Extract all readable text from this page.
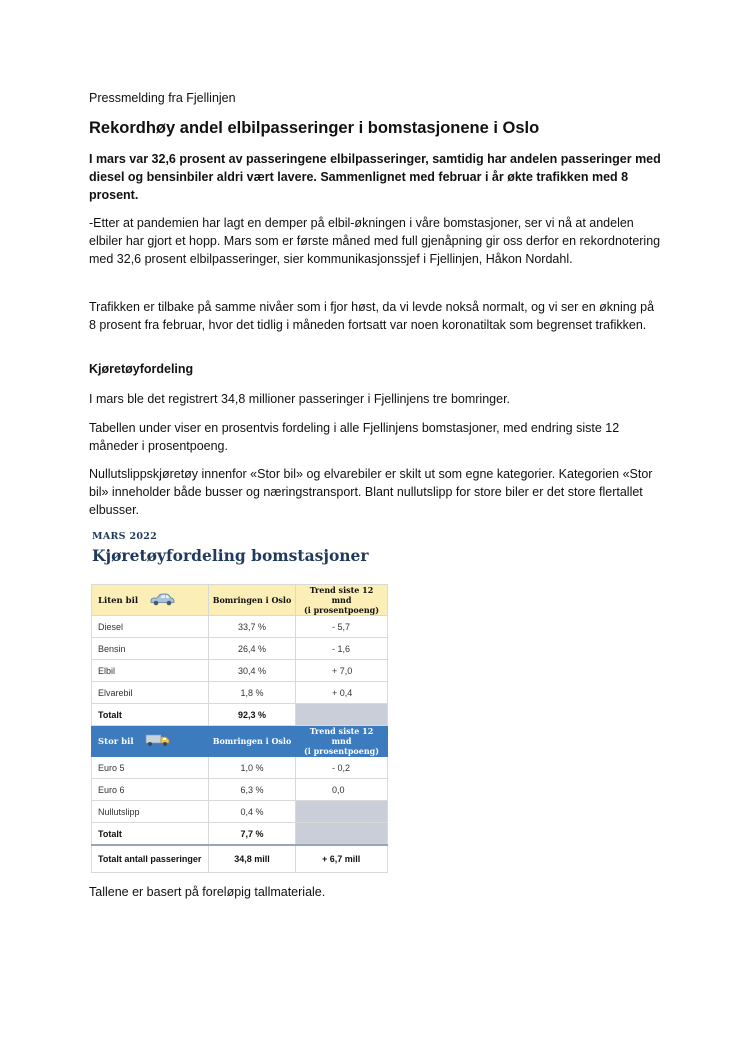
Pressmelding fra Fjellinjen
Rekordhøy andel elbilpasseringer i bomstasjonene i Oslo

I mars var 32,6 prosent av passeringene elbilpasseringer, samtidig har andelen passeringer med diesel og bensinbiler aldri vært lavere. Sammenlignet med februar i år økte trafikken med 8 prosent.

-Etter at pandemien har lagt en demper på elbil-økningen i våre bomstasjoner, ser vi nå at andelen elbiler har gjort et hopp. Mars som er første måned med full gjenåpning gir oss derfor en rekordnotering med 32,6 prosent elbilpasseringer, sier kommunikasjonssjef i Fjellinjen, Håkon Nordahl.

Trafikken er tilbake på samme nivåer som i fjor høst, da vi levde nokså normalt, og vi ser en økning på 8 prosent fra februar, hvor det tidlig i måneden fortsatt var noen koronatiltak som begrenset trafikken.

Kjøretøyfordeling

I mars ble det registrert 34,8 millioner passeringer i Fjellinjens tre bomringer.

Tabellen under viser en prosentvis fordeling i alle Fjellinjens bomstasjoner, med endring siste 12 måneder i prosentpoeng.

Nullutslippskjøretøy innenfor «Stor bil» og elvarebiler er skilt ut som egne kategorier. Kategorien «Stor bil» inneholder både busser og næringstransport. Blant nullutslipp for store biler er det store flertallet elbusser.

Tallene er basert på foreløpig tallmateriale.
MARS 2022
Kjøretøyfordeling bomstasjoner
Liten bil	Bomringen i Oslo	Trend siste 12 mnd
(i prosentpoeng)
Diesel	33,7 %	- 5,7
Bensin	26,4 %	- 1,6
Elbil	30,4 %	+ 7,0
Elvarebil	1,8 %	+ 0,4
Totalt	92,3 %	
Stor bil	Bomringen i Oslo	Trend siste 12 mnd
(i prosentpoeng)
Euro 5	1,0 %	- 0,2
Euro 6	6,3 %	0,0
Nullutslipp	0,4 %	
Totalt	7,7 %	
Totalt antall passeringer	34,8 mill	+ 6,7 mill
